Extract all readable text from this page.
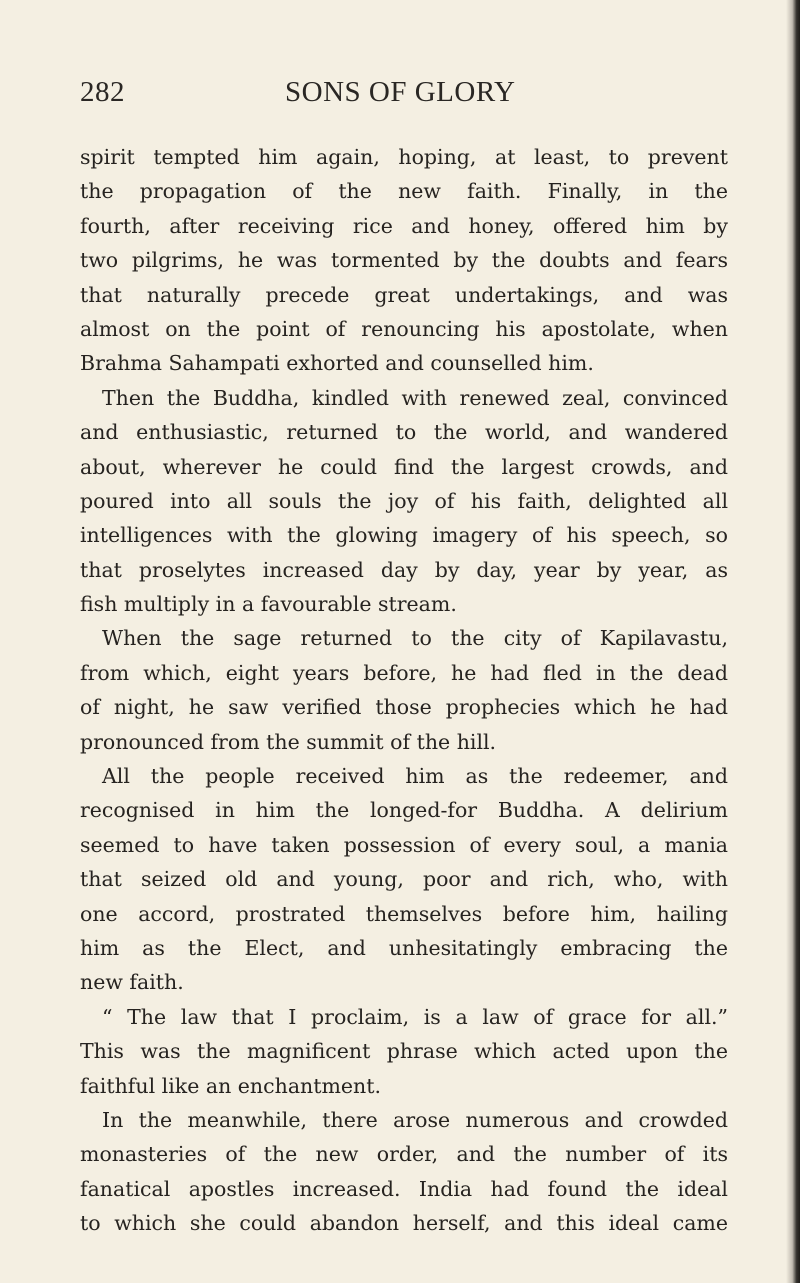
282	SONS OF GLORY
spirit tempted him again, hoping, at least, to prevent
the propagation of the new faith. Finally, in the
fourth, after receiving rice and honey, offered him by
two pilgrims, he was tormented by the doubts and fears
that naturally precede great undertakings, and was
almost on the point of renouncing his apostolate, when
Brahma Sahampati exhorted and counselled him.
Then the Buddha, kindled with renewed zeal, convinced
and enthusiastic, returned to the world, and wandered
about, wherever he could find the largest crowds, and
poured into all souls the joy of his faith, delighted all
intelligences with the glowing imagery of his speech, so
that proselytes increased day by day, year by year, as
fish multiply in a favourable stream.
When the sage returned to the city of Kapilavastu,
from which, eight years before, he had fled in the dead
of night, he saw verified those prophecies which he had
pronounced from the summit of the hill.
All the people received him as the redeemer, and
recognised in him the longed-for Buddha. A delirium
seemed to have taken possession of every soul, a mania
that seized old and young, poor and rich, who, with
one accord, prostrated themselves before him, hailing
him as the Elect, and unhesitatingly embracing the
new faith.
“ The law that I proclaim, is a law of grace for all.”
This was the magnificent phrase which acted upon the
faithful like an enchantment.
In the meanwhile, there arose numerous and crowded
monasteries of the new order, and the number of its
fanatical apostles increased. India had found the ideal
to which she could abandon herself, and this ideal came
